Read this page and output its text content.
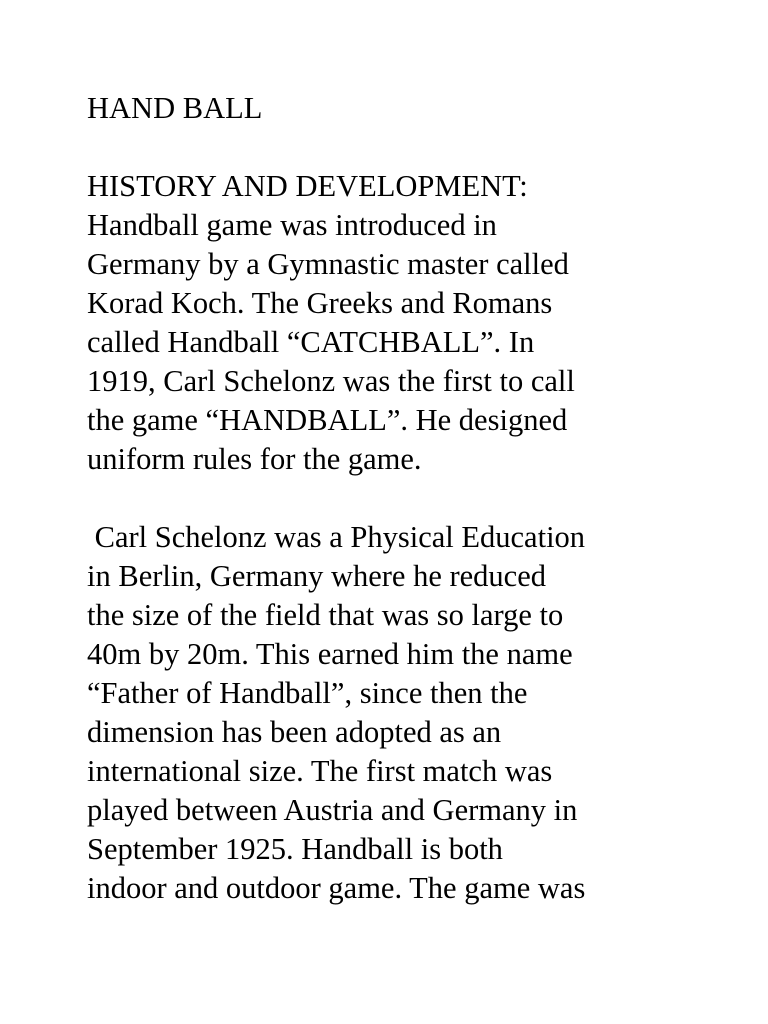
HAND BALL
HISTORY AND DEVELOPMENT:
Handball game was introduced in
Germany by a Gymnastic master called
Korad Koch. The Greeks and Romans
called Handball “CATCHBALL”. In
1919, Carl Schelonz was the first to call
the game “HANDBALL”. He designed
uniform rules for the game.
Carl Schelonz was a Physical Education
in Berlin, Germany where he reduced
the size of the field that was so large to
40m by 20m. This earned him the name
“Father of Handball”, since then the
dimension has been adopted as an
international size. The first match was
played between Austria and Germany in
September 1925. Handball is both
indoor and outdoor game. The game was
